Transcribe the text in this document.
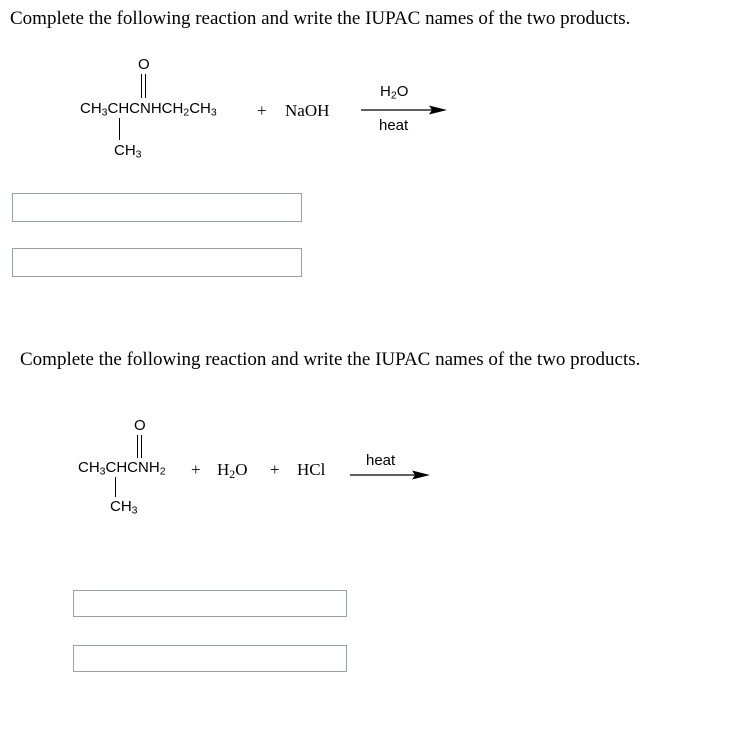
Complete the following reaction and write the IUPAC names of the two products.
O
$CH_3CHCNHCH_2CH_3$
$CH_3$
+ NaOH
$H_2O$
heat
Complete the following reaction and write the IUPAC names of the two products.
O
$CH_3CHCNH_2$
$CH_3$
+ $H_2O$ + HCl	heat
